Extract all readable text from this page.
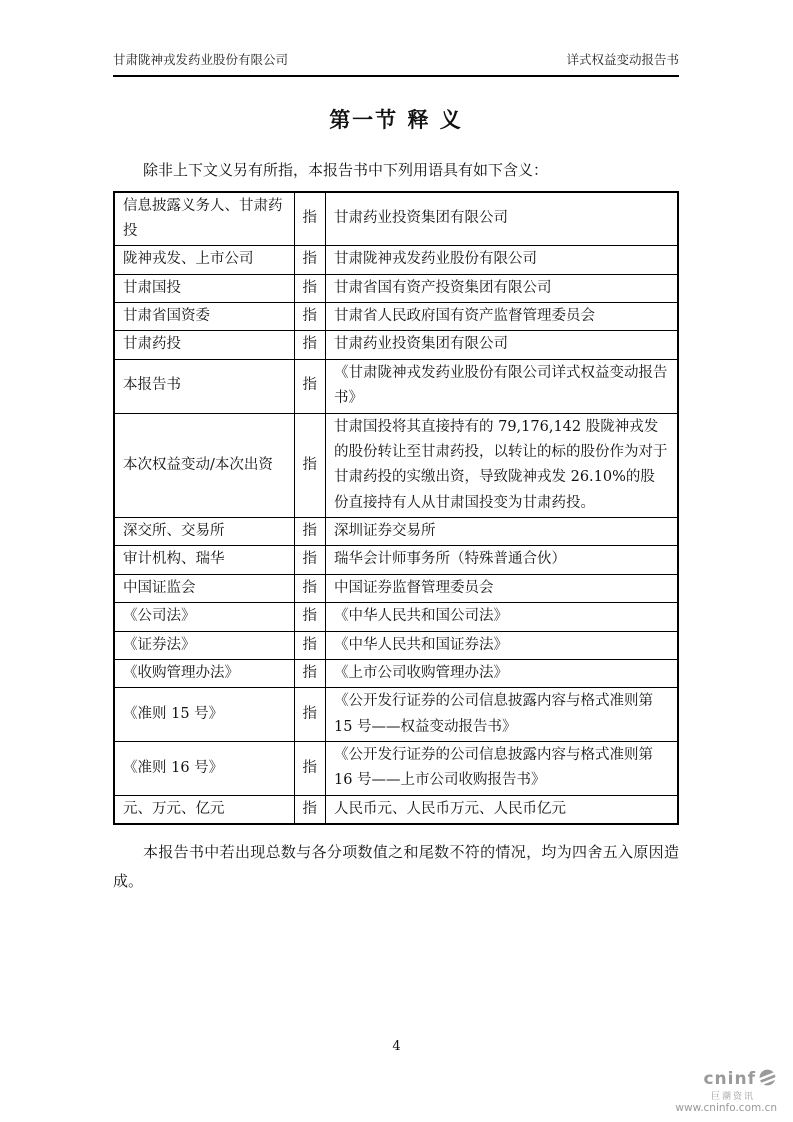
甘肃陇神戎发药业股份有限公司	详式权益变动报告书
第一节 释 义

除非上下文义另有所指，本报告书中下列用语具有如下含义：

信息披露义务人、甘肃药投	指	甘肃药业投资集团有限公司
陇神戎发、上市公司	指	甘肃陇神戎发药业股份有限公司
甘肃国投	指	甘肃省国有资产投资集团有限公司
甘肃省国资委	指	甘肃省人民政府国有资产监督管理委员会
甘肃药投	指	甘肃药业投资集团有限公司
本报告书	指	《甘肃陇神戎发药业股份有限公司详式权益变动报告书》
本次权益变动/本次出资	指	甘肃国投将其直接持有的 79,176,142 股陇神戎发的股份转让至甘肃药投，以转让的标的股份作为对于甘肃药投的实缴出资，导致陇神戎发 26.10%的股份直接持有人从甘肃国投变为甘肃药投。
深交所、交易所	指	深圳证券交易所
审计机构、瑞华	指	瑞华会计师事务所（特殊普通合伙）
中国证监会	指	中国证券监督管理委员会
《公司法》	指	《中华人民共和国公司法》
《证券法》	指	《中华人民共和国证券法》
《收购管理办法》	指	《上市公司收购管理办法》
《准则 15 号》	指	《公开发行证券的公司信息披露内容与格式准则第 15 号——权益变动报告书》
《准则 16 号》	指	《公开发行证券的公司信息披露内容与格式准则第 16 号——上市公司收购报告书》
元、万元、亿元	指	人民币元、人民币万元、人民币亿元

本报告书中若出现总数与各分项数值之和尾数不符的情况，均为四舍五入原因造成。

4
cninf
巨潮资讯
www.cninfo.com.cn
